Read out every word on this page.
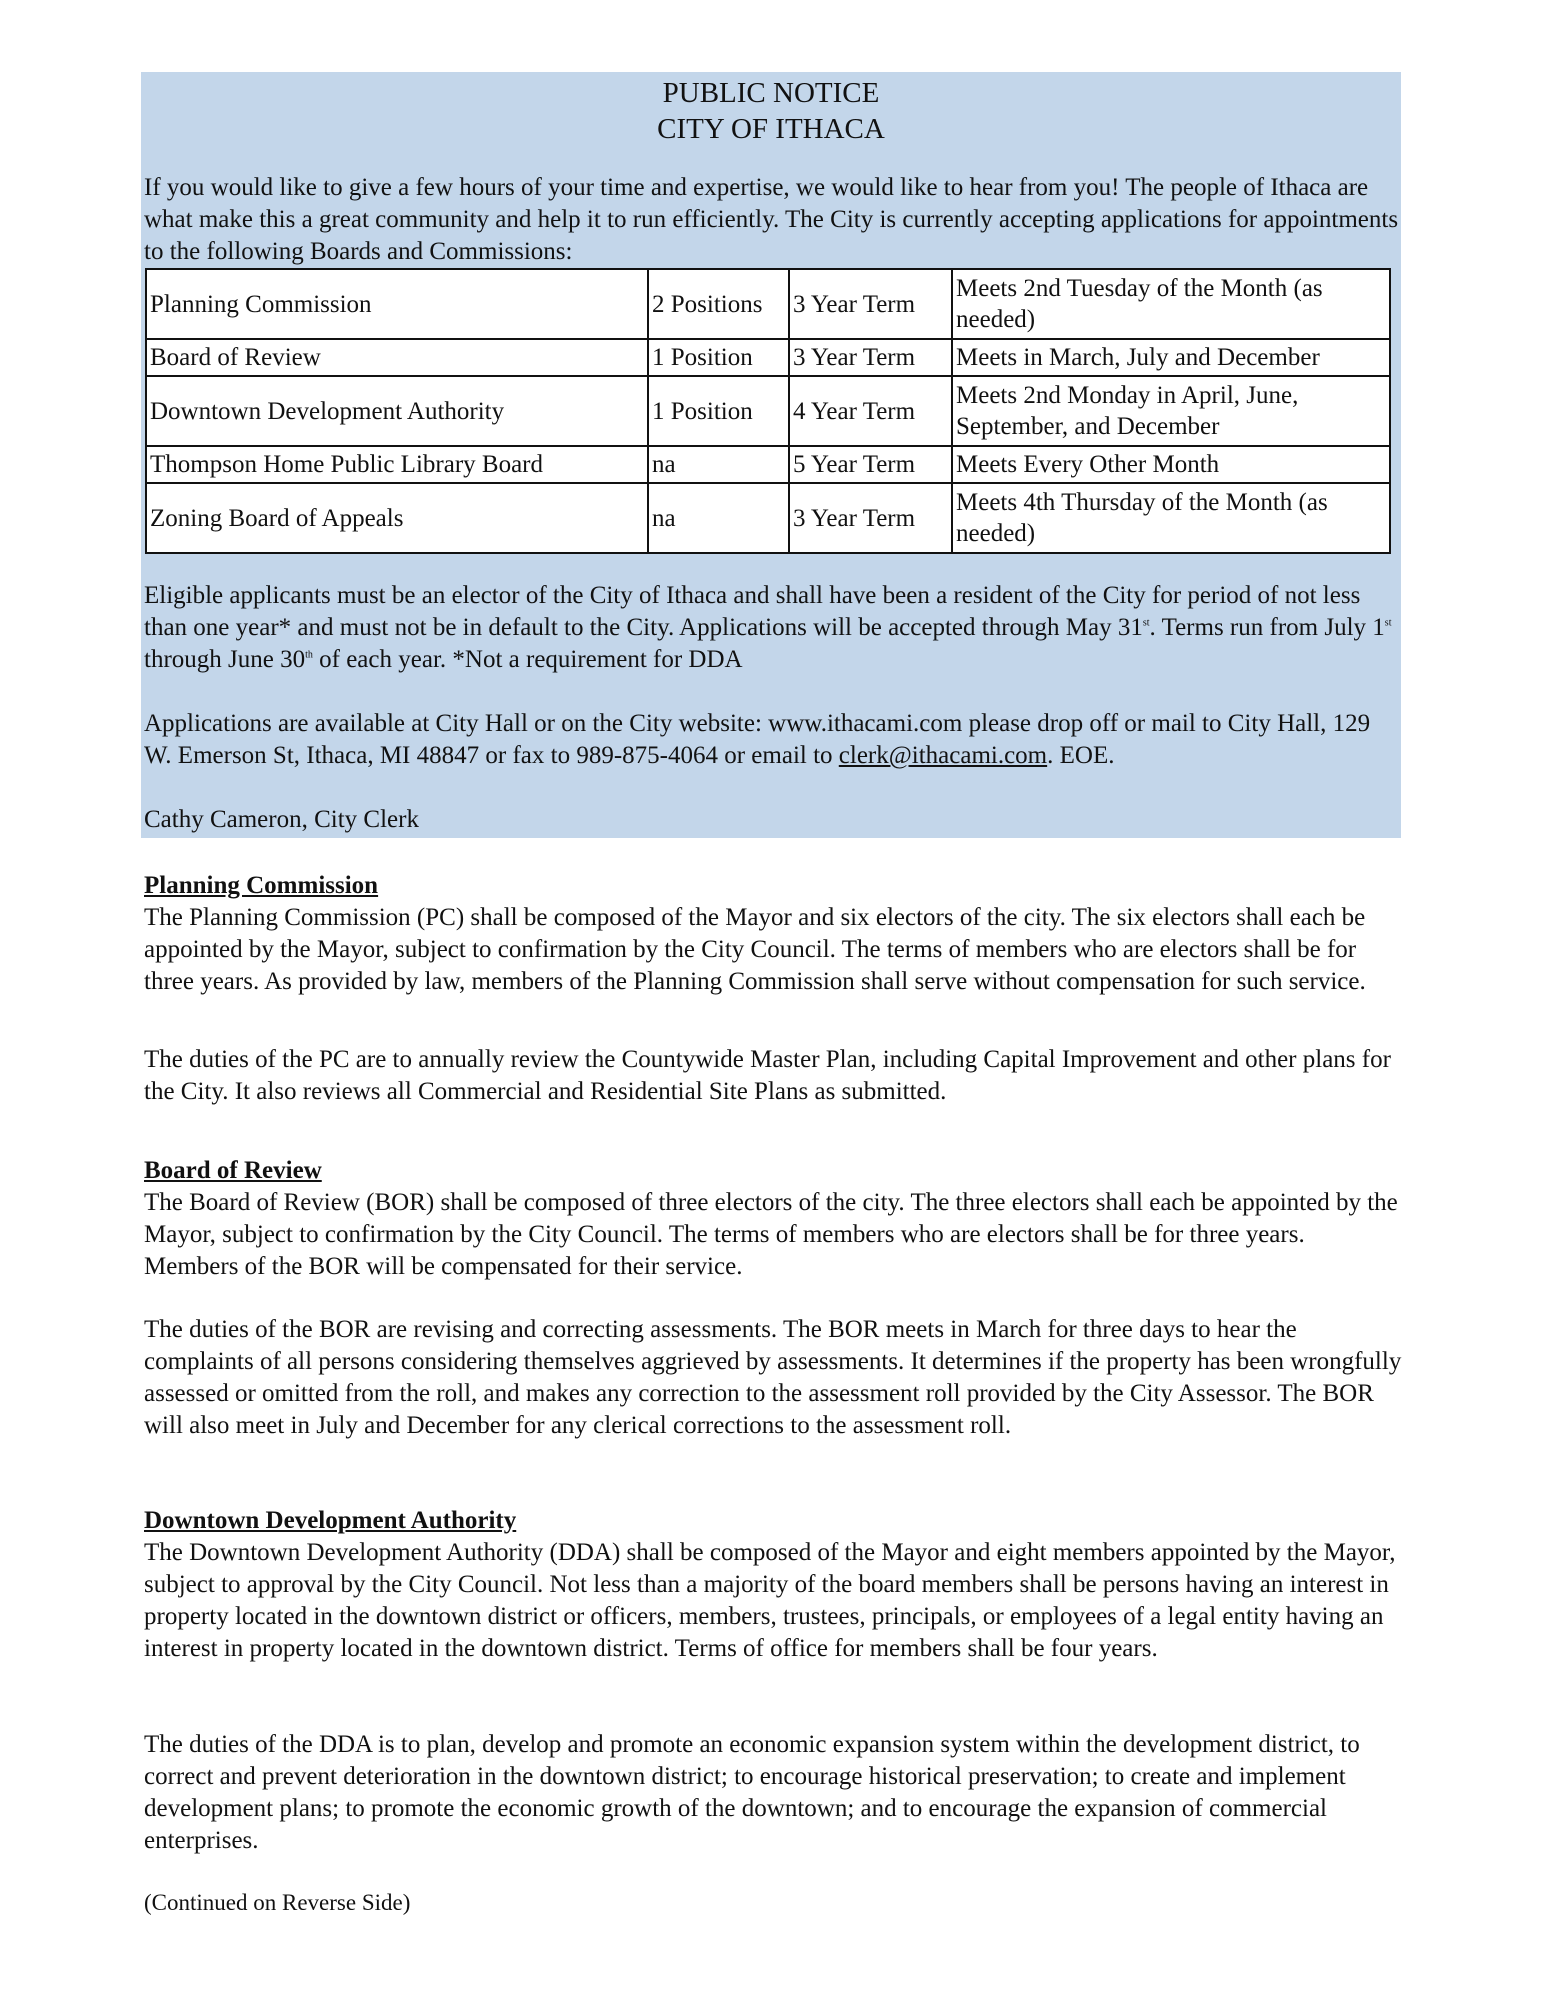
PUBLIC NOTICE
CITY OF ITHACA

If you would like to give a few hours of your time and expertise, we would like to hear from you! The people of Ithaca are what make this a great community and help it to run efficiently. The City is currently accepting applications for appointments to the following Boards and Commissions:

Planning Commission	2 Positions	3 Year Term	Meets 2nd Tuesday of the Month (as needed)
Board of Review	1 Position	3 Year Term	Meets in March, July and December
Downtown Development Authority	1 Position	4 Year Term	Meets 2nd Monday in April, June, September, and December
Thompson Home Public Library Board	na	5 Year Term	Meets Every Other Month
Zoning Board of Appeals	na	3 Year Term	Meets 4th Thursday of the Month (as needed)

Eligible applicants must be an elector of the City of Ithaca and shall have been a resident of the City for period of not less than one year* and must not be in default to the City. Applications will be accepted through May 31st. Terms run from July 1st through June 30th of each year. *Not a requirement for DDA

Applications are available at City Hall or on the City website: www.ithacami.com please drop off or mail to City Hall, 129 W. Emerson St, Ithaca, MI 48847 or fax to 989-875-4064 or email to clerk@ithacami.com. EOE.

Cathy Cameron, City Clerk

Planning Commission

The Planning Commission (PC) shall be composed of the Mayor and six electors of the city. The six electors shall each be appointed by the Mayor, subject to confirmation by the City Council. The terms of members who are electors shall be for three years. As provided by law, members of the Planning Commission shall serve without compensation for such service.

The duties of the PC are to annually review the Countywide Master Plan, including Capital Improvement and other plans for the City. It also reviews all Commercial and Residential Site Plans as submitted.

Board of Review

The Board of Review (BOR) shall be composed of three electors of the city. The three electors shall each be appointed by the Mayor, subject to confirmation by the City Council. The terms of members who are electors shall be for three years. Members of the BOR will be compensated for their service.

The duties of the BOR are revising and correcting assessments. The BOR meets in March for three days to hear the complaints of all persons considering themselves aggrieved by assessments. It determines if the property has been wrongfully assessed or omitted from the roll, and makes any correction to the assessment roll provided by the City Assessor. The BOR will also meet in July and December for any clerical corrections to the assessment roll.

Downtown Development Authority

The Downtown Development Authority (DDA) shall be composed of the Mayor and eight members appointed by the Mayor, subject to approval by the City Council. Not less than a majority of the board members shall be persons having an interest in property located in the downtown district or officers, members, trustees, principals, or employees of a legal entity having an interest in property located in the downtown district. Terms of office for members shall be four years.

The duties of the DDA is to plan, develop and promote an economic expansion system within the development district, to correct and prevent deterioration in the downtown district; to encourage historical preservation; to create and implement development plans; to promote the economic growth of the downtown; and to encourage the expansion of commercial enterprises.

(Continued on Reverse Side)
